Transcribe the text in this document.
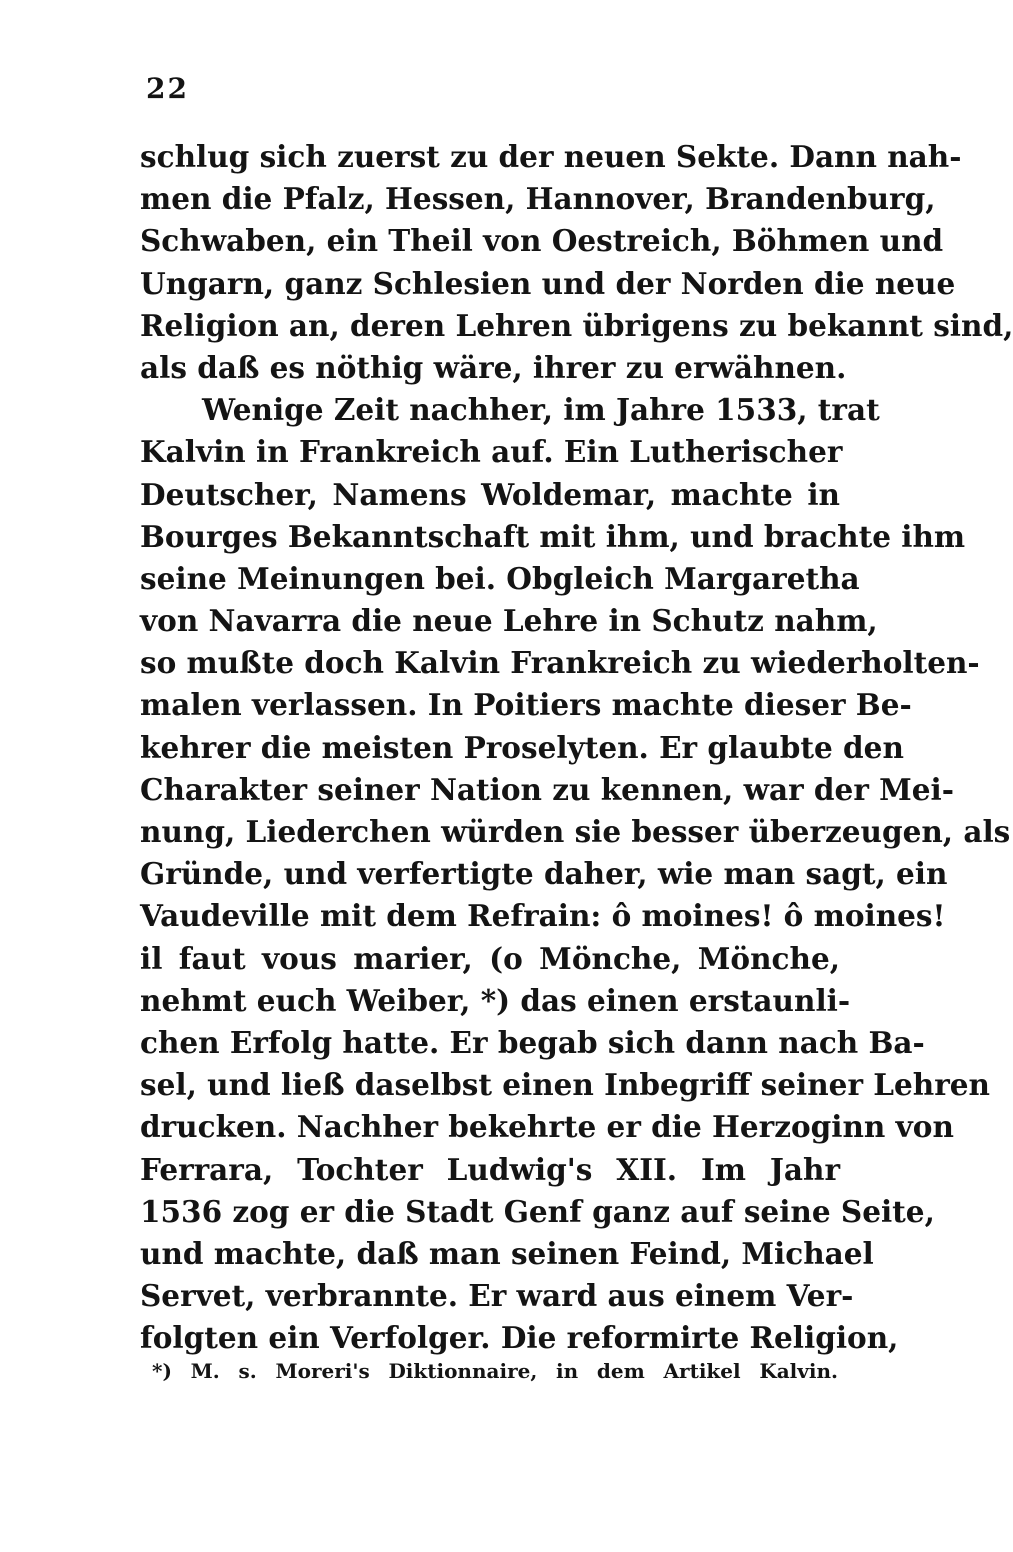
22
schlug sich zuerst zu der neuen Sekte. Dann nah-
men die Pfalz, Hessen, Hannover, Brandenburg,
Schwaben, ein Theil von Oestreich, Böhmen und
Ungarn, ganz Schlesien und der Norden die neue
Religion an, deren Lehren übrigens zu bekannt sind,
als daß es nöthig wäre, ihrer zu erwähnen.
Wenige Zeit nachher, im Jahre 1533, trat
Kalvin in Frankreich auf. Ein Lutherischer
Deutscher, Namens Woldemar, machte in
Bourges Bekanntschaft mit ihm, und brachte ihm
seine Meinungen bei. Obgleich Margaretha
von Navarra die neue Lehre in Schutz nahm,
so mußte doch Kalvin Frankreich zu wiederholten-
malen verlassen. In Poitiers machte dieser Be-
kehrer die meisten Proselyten. Er glaubte den
Charakter seiner Nation zu kennen, war der Mei-
nung, Liederchen würden sie besser überzeugen, als
Gründe, und verfertigte daher, wie man sagt, ein
Vaudeville mit dem Refrain: ô moines! ô moines!
il faut vous marier, (o Mönche, Mönche,
nehmt euch Weiber, *) das einen erstaunli-
chen Erfolg hatte. Er begab sich dann nach Ba-
sel, und ließ daselbst einen Inbegriff seiner Lehren
drucken. Nachher bekehrte er die Herzoginn von
Ferrara, Tochter Ludwig's XII. Im Jahr
1536 zog er die Stadt Genf ganz auf seine Seite,
und machte, daß man seinen Feind, Michael
Servet, verbrannte. Er ward aus einem Ver-
folgten ein Verfolger. Die reformirte Religion,
*) M. s. Moreri's Diktionnaire, in dem Artikel Kalvin.
